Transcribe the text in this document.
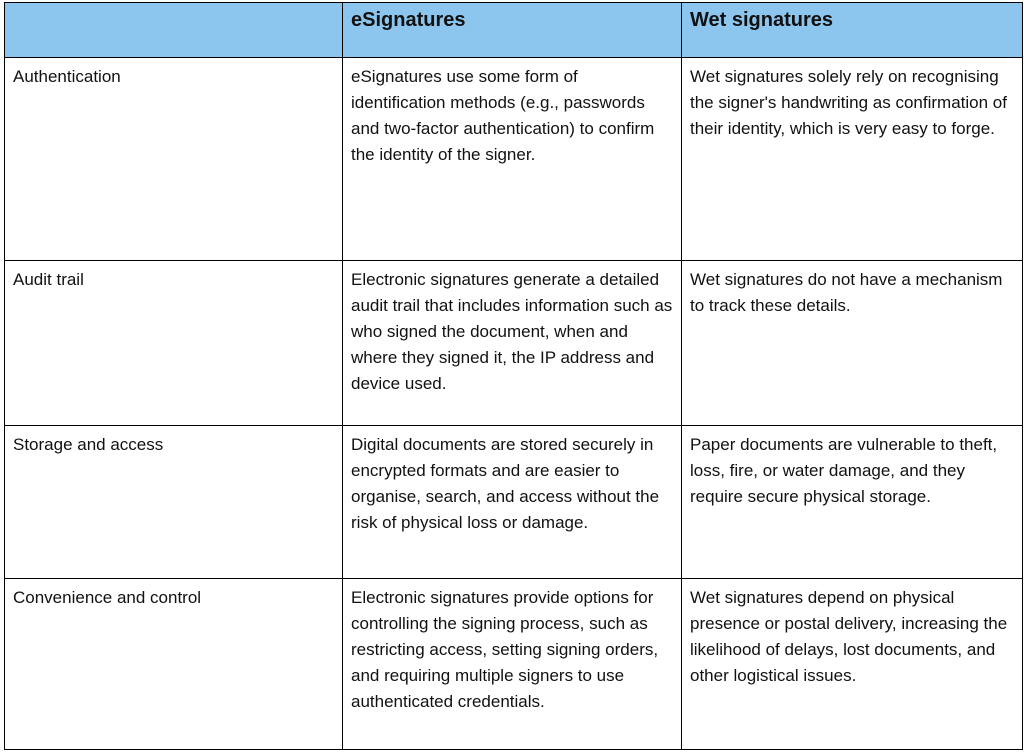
	eSignatures	Wet signatures
Authentication	eSignatures use some form of identification methods (e.g., passwords and two-factor authentication) to confirm the identity of the signer.	Wet signatures solely rely on recognising the signer's handwriting as confirmation of their identity, which is very easy to forge.
Audit trail	Electronic signatures generate a detailed audit trail that includes information such as who signed the document, when and where they signed it, the IP address and device used.	Wet signatures do not have a mechanism to track these details.
Storage and access	Digital documents are stored securely in encrypted formats and are easier to organise, search, and access without the risk of physical loss or damage.	Paper documents are vulnerable to theft, loss, fire, or water damage, and they require secure physical storage.
Convenience and control	Electronic signatures provide options for controlling the signing process, such as restricting access, setting signing orders, and requiring multiple signers to use authenticated credentials.	Wet signatures depend on physical presence or postal delivery, increasing the likelihood of delays, lost documents, and other logistical issues.
